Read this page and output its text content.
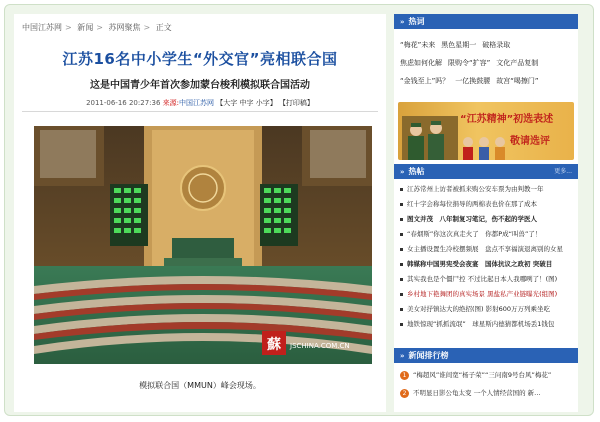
中国江苏网 > 新闻 > 苏网聚焦 > 正文
江苏16名中小学生“外交官”亮相联合国
这是中国青少年首次参加蒙台梭利模拟联合国活动
2011-06-16 20:27:36 来源:中国江苏网 【大字 中字 小字】 【打印稿】
蘇 JSCHINA.COM.CN
模拟联合国（MMUN）峰会现场。
» 热词
“梅花”未来 黑色星期一 破格录取
焦虑如何化解 限购令“扩容” 文化产品复制
“金钱至上”吗？ 一亿换鼓腰 故宫“喝擦门”
“江苏精神”初选表述
敬请选评
» 热帖	更多...
江苏常州上访者被抓来购公安车票为由判教一年
红十字会称每位捐导的两棉表也价在那了成本
图文并茂　八年制复习笔记，伤不起的学医人
“春烟斯”你这次真走火了　你都P成“叫兽”了！
女主播设置生冷校摆频展　盘点不享福演退离别的女星
韩媒称中国男宪受会夜宴　国体抗议之政初 突破目
其实我也是个僵尸控 不过比起日本人我哪咧了！(图)
乡村地下艳舞团的真实场景 黑盐私产业链曝光(组图)
美女对抒镇达大的绝招(图) 影射600万万列乘坐吃
地铁惊现“抓抓流氓”　球星斯内德猜都机场丢1钱包
» 新闻排行榜
1 “梅超风”谁间宽“杨子荣”“三问南9号台风”梅花”
2 不明显日影公龟太变 一个人情经营国的 新…
